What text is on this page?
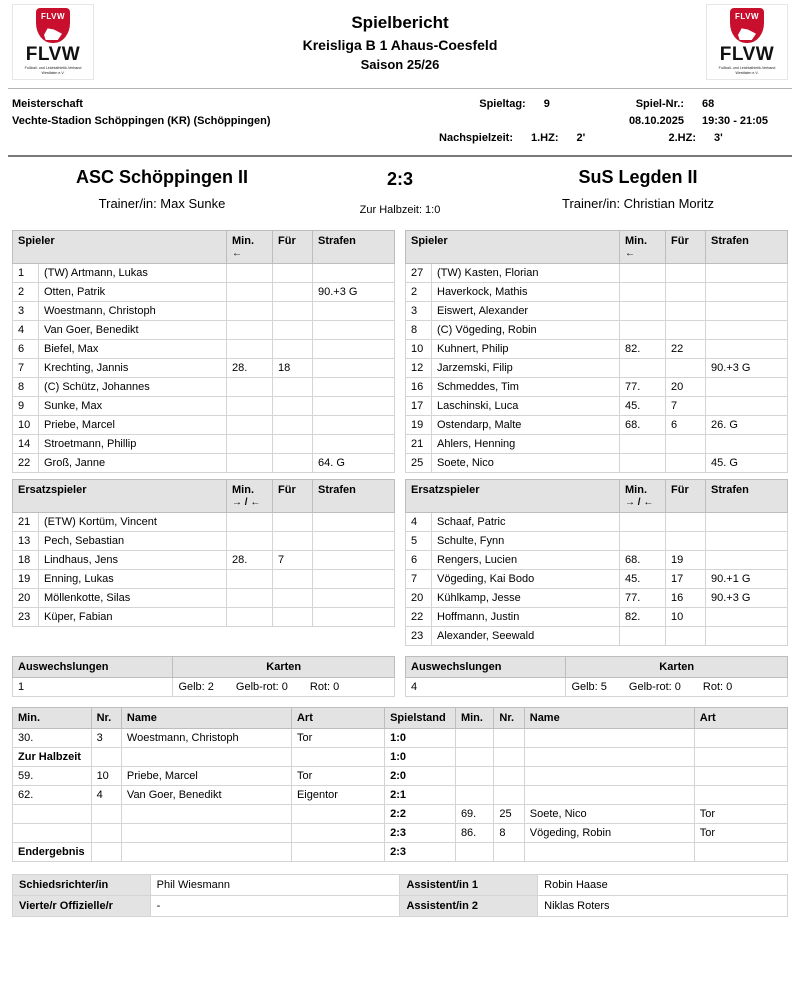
FLVW
FLVW
Fußball- und Leichtathletik-Verband
Westfalen e.V.
Spielbericht
Kreisliga B 1 Ahaus-Coesfeld
Saison 25/26
FLVW
FLVW
Fußball- und Leichtathletik-Verband
Westfalen e.V.
Meisterschaft
Vechte-Stadion Schöppingen (KR) (Schöppingen)
Spieltag: 9	Spiel-Nr.: 68
08.10.2025 19:30 - 21:05
Nachspielzeit: 1.HZ: 2'	2.HZ: 3'
ASC Schöppingen II
Trainer/in: Max Sunke
2:3
Zur Halbzeit: 1:0
SuS Legden II
Trainer/in: Christian Moritz
Spieler		Min.
←	Für	Strafen
1	(TW) Artmann, Lukas			
2	Otten, Patrik			90.+3 G
3	Woestmann, Christoph			
4	Van Goer, Benedikt			
6	Biefel, Max			
7	Krechting, Jannis	28.	18	
8	(C) Schütz, Johannes			
9	Sunke, Max			
10	Priebe, Marcel			
14	Stroetmann, Phillip			
22	Groß, Janne			64. G
Spieler		Min.
←	Für	Strafen
27	(TW) Kasten, Florian			
2	Haverkock, Mathis			
3	Eiswert, Alexander			
8	(C) Vögeding, Robin			
10	Kuhnert, Philip	82.	22	
12	Jarzemski, Filip			90.+3 G
16	Schmeddes, Tim	77.	20	
17	Laschinski, Luca	45.	7	
19	Ostendarp, Malte	68.	6	26. G
21	Ahlers, Henning			
25	Soete, Nico			45. G
Ersatzspieler		Min.
→ / ←	Für	Strafen
21	(ETW) Kortüm, Vincent			
13	Pech, Sebastian			
18	Lindhaus, Jens	28.	7	
19	Enning, Lukas			
20	Möllenkotte, Silas			
23	Küper, Fabian			
Ersatzspieler		Min.
→ / ←	Für	Strafen
4	Schaaf, Patric			
5	Schulte, Fynn			
6	Rengers, Lucien	68.	19	
7	Vögeding, Kai Bodo	45.	17	90.+1 G
20	Kühlkamp, Jesse	77.	16	90.+3 G
22	Hoffmann, Justin	82.	10	
23	Alexander, Seewald			
Auswechslungen	Karten
1	Gelb: 2 Gelb-rot: 0 Rot: 0
Auswechslungen	Karten
4	Gelb: 5 Gelb-rot: 0 Rot: 0
Min.	Nr.	Name	Art	Spielstand	Min.	Nr.	Name	Art
30.	3	Woestmann, Christoph	Tor	1:0				
Zur Halbzeit				1:0				
59.	10	Priebe, Marcel	Tor	2:0				
62.	4	Van Goer, Benedikt	Eigentor	2:1				
				2:2	69.	25	Soete, Nico	Tor
				2:3	86.	8	Vögeding, Robin	Tor
Endergebnis				2:3				
Schiedsrichter/in	Phil Wiesmann	Assistent/in 1	Robin Haase
Vierte/r Offizielle/r	-	Assistent/in 2	Niklas Roters
